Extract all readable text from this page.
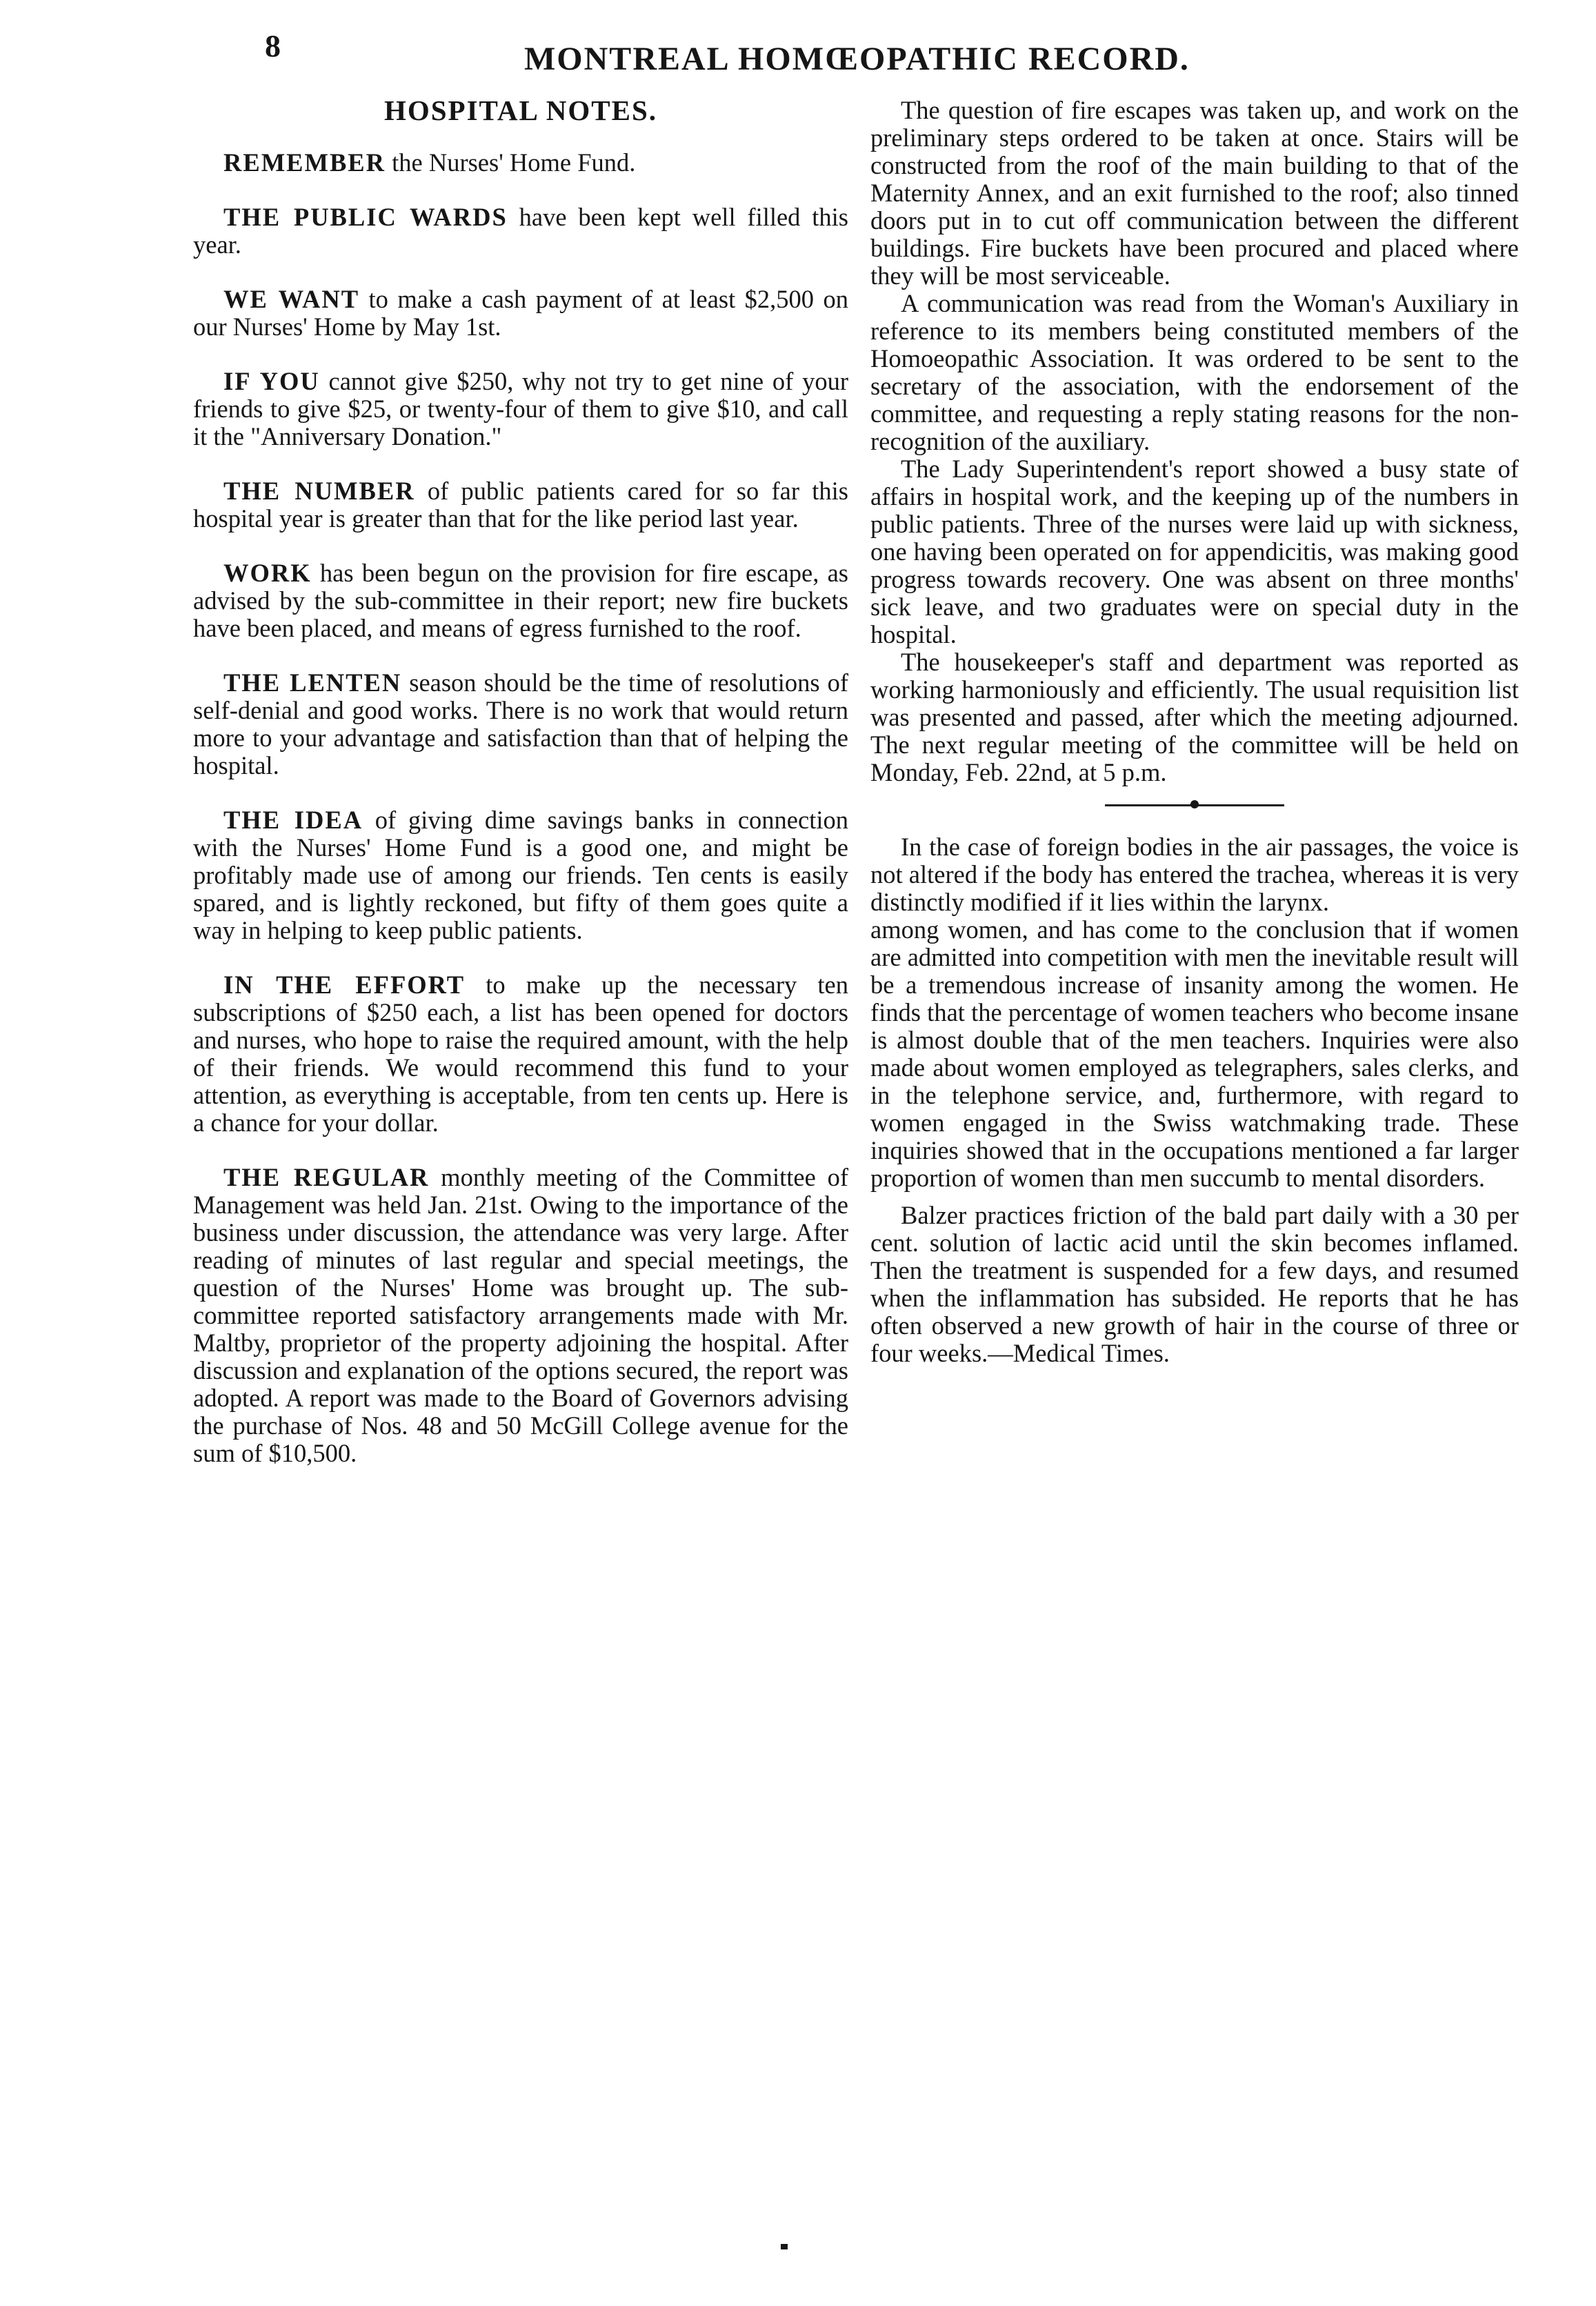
8	MONTREAL HOMŒOPATHIC RECORD.
HOSPITAL NOTES.

REMEMBER the Nurses' Home Fund.

THE PUBLIC WARDS have been kept well filled this year.

WE WANT to make a cash payment of at least $2,500 on our Nurses' Home by May 1st.

IF YOU cannot give $250, why not try to get nine of your friends to give $25, or twenty-four of them to give $10, and call it the "Anniversary Donation."

THE NUMBER of public patients cared for so far this hospital year is greater than that for the like period last year.

WORK has been begun on the provision for fire escape, as advised by the sub-committee in their report; new fire buckets have been placed, and means of egress furnished to the roof.

THE LENTEN season should be the time of resolutions of self-denial and good works. There is no work that would return more to your advantage and satisfaction than that of helping the hospital.

THE IDEA of giving dime savings banks in connection with the Nurses' Home Fund is a good one, and might be profitably made use of among our friends. Ten cents is easily spared, and is lightly reckoned, but fifty of them goes quite a way in helping to keep public patients.

IN THE EFFORT to make up the necessary ten subscriptions of $250 each, a list has been opened for doctors and nurses, who hope to raise the required amount, with the help of their friends. We would recommend this fund to your attention, as everything is acceptable, from ten cents up. Here is a chance for your dollar.

THE REGULAR monthly meeting of the Committee of Management was held Jan. 21st. Owing to the importance of the business under discussion, the attendance was very large. After reading of minutes of last regular and special meetings, the question of the Nurses' Home was brought up. The sub-committee reported satisfactory arrangements made with Mr. Maltby, proprietor of the property adjoining the hospital. After discussion and explanation of the options secured, the report was adopted. A report was made to the Board of Governors advising the purchase of Nos. 48 and 50 McGill College avenue for the sum of $10,500.

The question of fire escapes was taken up, and work on the preliminary steps ordered to be taken at once. Stairs will be constructed from the roof of the main building to that of the Maternity Annex, and an exit furnished to the roof; also tinned doors put in to cut off communication between the different buildings. Fire buckets have been procured and placed where they will be most serviceable.

A communication was read from the Woman's Auxiliary in reference to its members being constituted members of the Homoeopathic Association. It was ordered to be sent to the secretary of the association, with the endorsement of the committee, and requesting a reply stating reasons for the non-recognition of the auxiliary.

The Lady Superintendent's report showed a busy state of affairs in hospital work, and the keeping up of the numbers in public patients. Three of the nurses were laid up with sickness, one having been operated on for appendicitis, was making good progress towards recovery. One was absent on three months' sick leave, and two graduates were on special duty in the hospital.

The housekeeper's staff and department was reported as working harmoniously and efficiently. The usual requisition list was presented and passed, after which the meeting adjourned. The next regular meeting of the committee will be held on Monday, Feb. 22nd, at 5 p.m.

In the case of foreign bodies in the air passages, the voice is not altered if the body has entered the trachea, whereas it is very distinctly modified if it lies within the larynx.

among women, and has come to the conclusion that if women are admitted into competition with men the inevitable result will be a tremendous increase of insanity among the women. He finds that the percentage of women teachers who become insane is almost double that of the men teachers. Inquiries were also made about women employed as telegraphers, sales clerks, and in the telephone service, and, furthermore, with regard to women engaged in the Swiss watchmaking trade. These inquiries showed that in the occupations mentioned a far larger proportion of women than men succumb to mental disorders.

Balzer practices friction of the bald part daily with a 30 per cent. solution of lactic acid until the skin becomes inflamed. Then the treatment is suspended for a few days, and resumed when the inflammation has subsided. He reports that he has often observed a new growth of hair in the course of three or four weeks.—Medical Times.
